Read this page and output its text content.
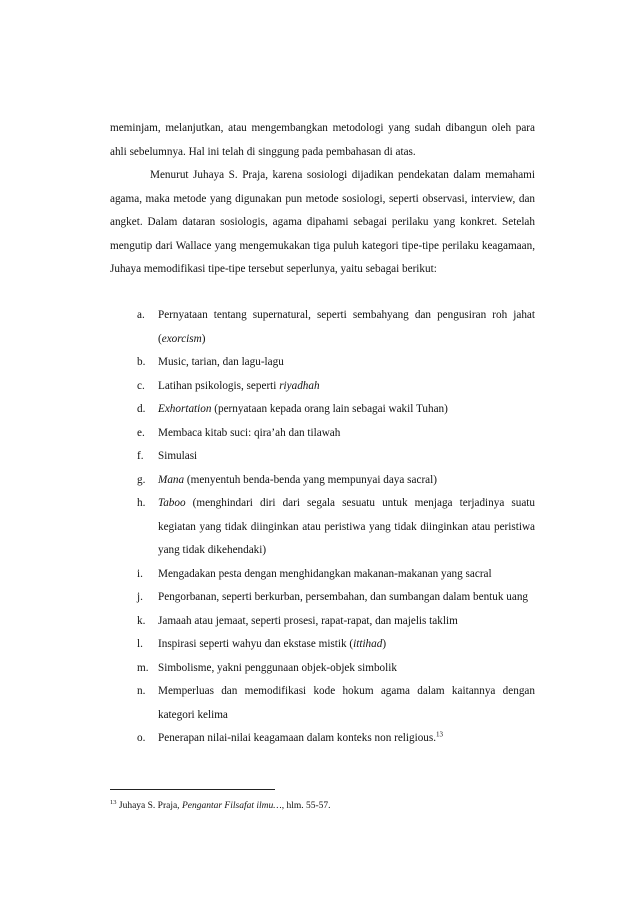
meminjam, melanjutkan, atau mengembangkan metodologi yang sudah dibangun oleh para ahli sebelumnya. Hal ini telah di singgung pada pembahasan di atas.
Menurut Juhaya S. Praja, karena sosiologi dijadikan pendekatan dalam memahami agama, maka metode yang digunakan pun metode sosiologi, seperti observasi, interview, dan angket. Dalam dataran sosiologis, agama dipahami sebagai perilaku yang konkret. Setelah mengutip dari Wallace yang mengemukakan tiga puluh kategori tipe-tipe perilaku keagamaan, Juhaya memodifikasi tipe-tipe tersebut seperlunya, yaitu sebagai berikut:
a.	Pernyataan tentang supernatural, seperti sembahyang dan pengusiran roh jahat (exorcism)
b.	Music, tarian, dan lagu-lagu
c.	Latihan psikologis, seperti riyadhah
d.	Exhortation (pernyataan kepada orang lain sebagai wakil Tuhan)
e.	Membaca kitab suci: qira’ah dan tilawah
f.	Simulasi
g.	Mana (menyentuh benda-benda yang mempunyai daya sacral)
h.	Taboo (menghindari diri dari segala sesuatu untuk menjaga terjadinya suatu kegiatan yang tidak diinginkan atau peristiwa yang tidak diinginkan atau peristiwa yang tidak dikehendaki)
i.	Mengadakan pesta dengan menghidangkan makanan-makanan yang sacral
j.	Pengorbanan, seperti berkurban, persembahan, dan sumbangan dalam bentuk uang
k.	Jamaah atau jemaat, seperti prosesi, rapat-rapat, dan majelis taklim
l.	Inspirasi seperti wahyu dan ekstase mistik (ittihad)
m. Simbolisme, yakni penggunaan objek-objek simbolik
n.	Memperluas dan memodifikasi kode hokum agama dalam kaitannya dengan kategori kelima
o.	Penerapan nilai-nilai keagamaan dalam konteks non religious.$^{13}$
$^{13}$ Juhaya S. Praja, Pengantar Filsafat ilmu…, hlm. 55-57.
